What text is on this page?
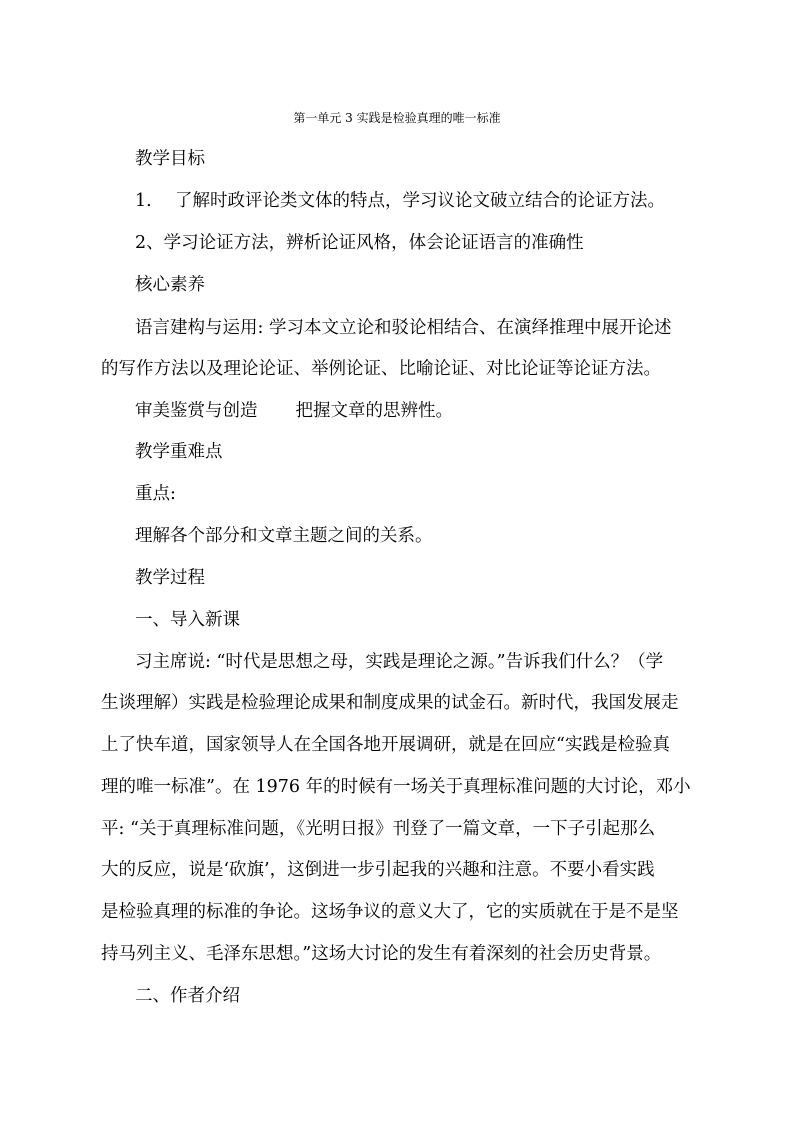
第一单元 3 实践是检验真理的唯一标准
教学目标
1. 了解时政评论类文体的特点，学习议论文破立结合的论证方法。
2、学习论证方法，辨析论证风格，体会论证语言的准确性
核心素养
语言建构与运用: 学习本文立论和驳论相结合、在演绎推理中展开论述
的写作方法以及理论论证、举例论证、比喻论证、对比论证等论证方法。
审美鉴赏与创造 把握文章的思辨性。
教学重难点
重点:
理解各个部分和文章主题之间的关系。
教学过程
一、导入新课
习主席说: “时代是思想之母，实践是理论之源。”告诉我们什么？（学
生谈理解）实践是检验理论成果和制度成果的试金石。新时代，我国发展走
上了快车道，国家领导人在全国各地开展调研，就是在回应“实践是检验真
理的唯一标准”。在 1976 年的时候有一场关于真理标准问题的大讨论，邓小
平: “关于真理标准问题，《光明日报》刊登了一篇文章，一下子引起那么
大的反应，说是‘砍旗’，这倒进一步引起我的兴趣和注意。不要小看实践
是检验真理的标准的争论。这场争议的意义大了，它的实质就在于是不是坚
持马列主义、毛泽东思想。”这场大讨论的发生有着深刻的社会历史背景。
二、作者介绍
